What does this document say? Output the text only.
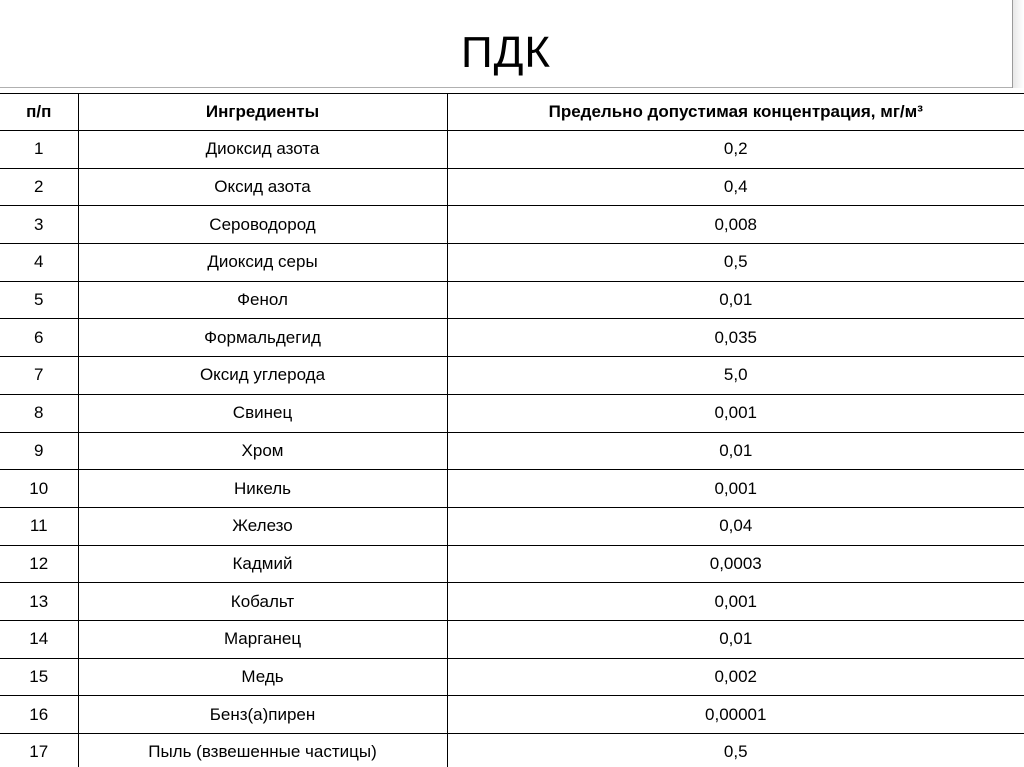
ПДК
п/п	Ингредиенты	Предельно допустимая концентрация, мг/м³
1	Диоксид азота	0,2
2	Оксид азота	0,4
3	Сероводород	0,008
4	Диоксид серы	0,5
5	Фенол	0,01
6	Формальдегид	0,035
7	Оксид углерода	5,0
8	Свинец	0,001
9	Хром	0,01
10	Никель	0,001
11	Железо	0,04
12	Кадмий	0,0003
13	Кобальт	0,001
14	Марганец	0,01
15	Медь	0,002
16	Бенз(а)пирен	0,00001
17	Пыль (взвешенные частицы)	0,5
